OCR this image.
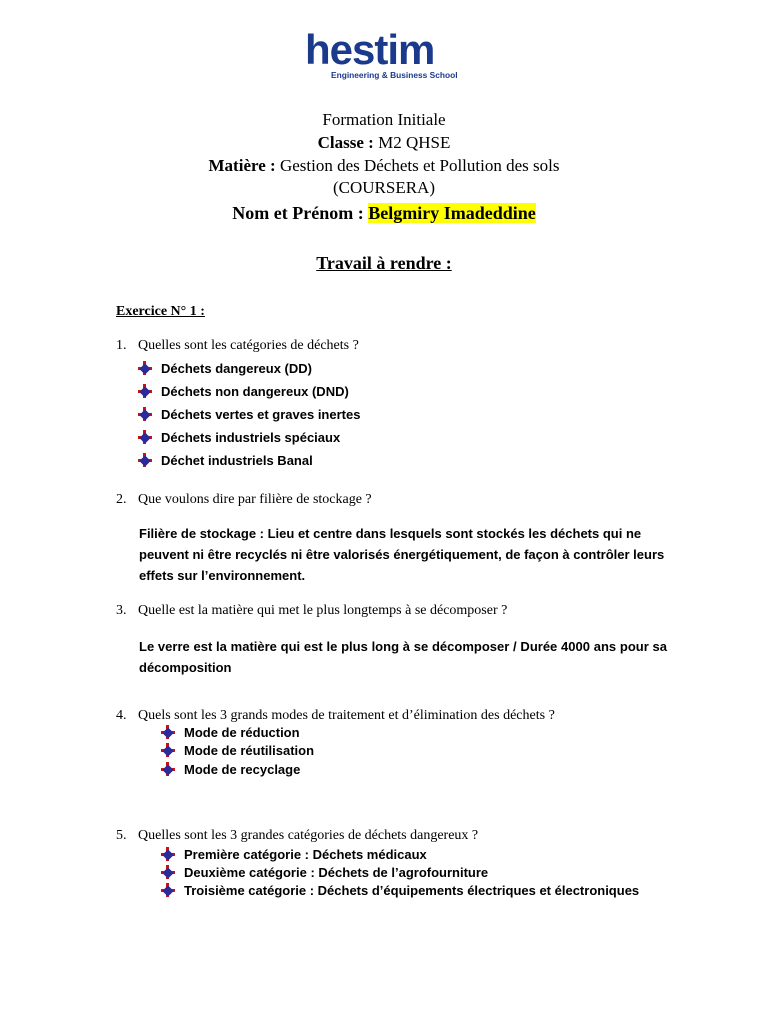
hestim
Engineering & Business School
Formation Initiale
Classe : M2 QHSE
Matière : Gestion des Déchets et Pollution des sols
(COURSERA)
Nom et Prénom : Belgmiry Imadeddine
Travail à rendre :
Exercice N° 1 :
1. Quelles sont les catégories de déchets ?
Déchets dangereux (DD)
Déchets non dangereux (DND)
Déchets vertes et graves inertes
Déchets industriels spéciaux
Déchet industriels Banal
2. Que voulons dire par filière de stockage ?
Filière de stockage : Lieu et centre dans lesquels sont stockés les déchets qui ne peuvent ni être recyclés ni être valorisés énergétiquement, de façon à contrôler leurs effets sur l’environnement.
3. Quelle est la matière qui met le plus longtemps à se décomposer ?
Le verre est la matière qui est le plus long à se décomposer / Durée 4000 ans pour sa décomposition
4. Quels sont les 3 grands modes de traitement et d’élimination des déchets ?
Mode de réduction
Mode de réutilisation
Mode de recyclage
5. Quelles sont les 3 grandes catégories de déchets dangereux ?
Première catégorie : Déchets médicaux
Deuxième catégorie : Déchets de l’agrofourniture
Troisième catégorie : Déchets d’équipements électriques et électroniques
